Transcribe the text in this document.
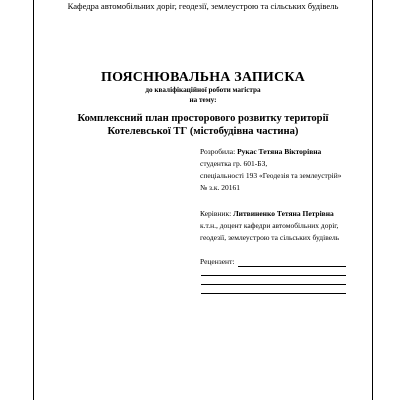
Кафедра автомобільних доріг, геодезії, землеустрою та сільських будівель
ПОЯСНЮВАЛЬНА ЗАПИСКА
до кваліфікаційної роботи магістра
на тему:
Комплексний план просторового розвитку території
Котелевської ТГ (містобудівна частина)
Розробила: Рукас Тетяна Вікторівна
студентка гр. 601-БЗ,
спеціальності 193 «Геодезія та землеустрій»
№ з.к. 20161
Керівник: Литвиненко Тетяна Петрівна
к.т.н., доцент кафедри автомобільних доріг,
геодезії, землеустрою та сільських будівель
Рецензент:
